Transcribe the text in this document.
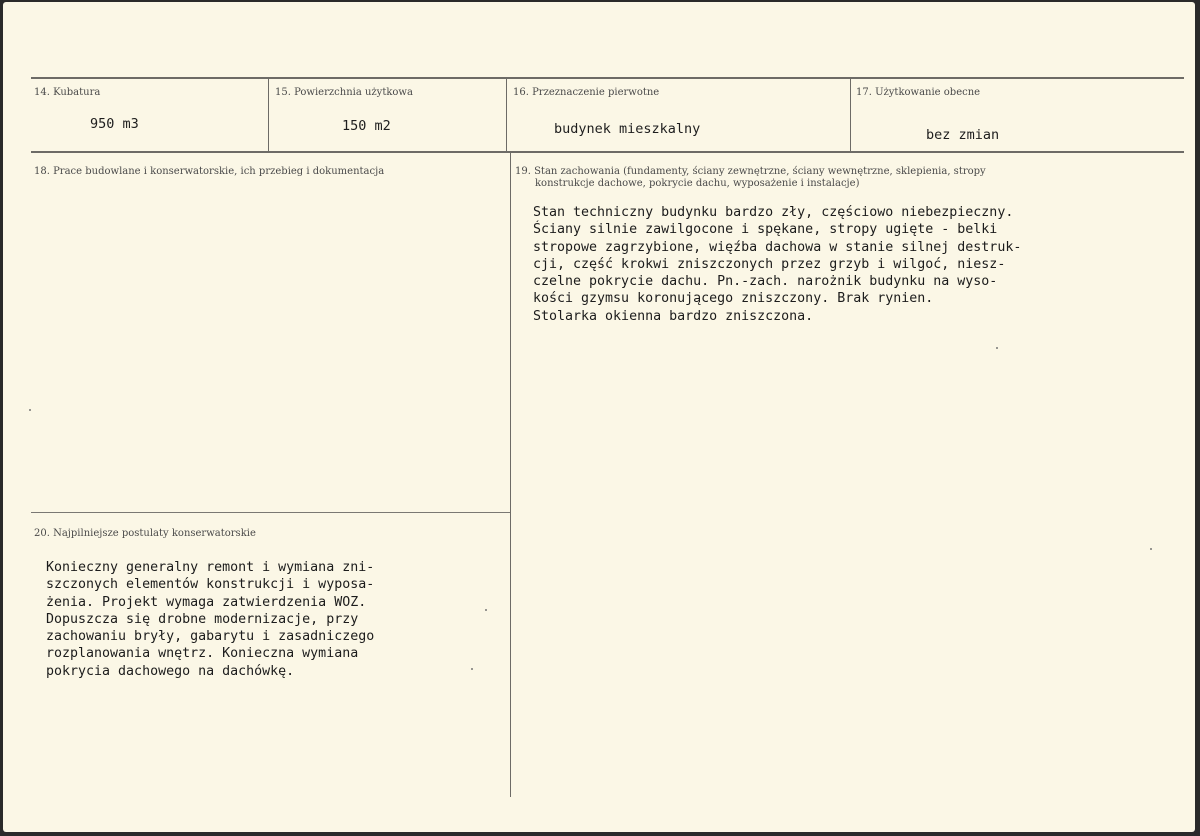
14. Kubatura
950 m3
15. Powierzchnia użytkowa
150 m2
16. Przeznaczenie pierwotne
budynek mieszkalny
17. Użytkowanie obecne
bez zmian
18. Prace budowlane i konserwatorskie, ich przebieg i dokumentacja	19. Stan zachowania (fundamenty, ściany zewnętrzne, ściany wewnętrzne, sklepienia, stropy
konstrukcje dachowe, pokrycie dachu, wyposażenie i instalacje)
Stan techniczny budynku bardzo zły, częściowo niebezpieczny.
Ściany silnie zawilgocone i spękane, stropy ugięte - belki
stropowe zagrzybione, więźba dachowa w stanie silnej destruk-
cji, część krokwi zniszczonych przez grzyb i wilgoć, niesz-
czelne pokrycie dachu. Pn.-zach. narożnik budynku na wyso-
kości gzymsu koronującego zniszczony. Brak rynien.
Stolarka okienna bardzo zniszczona.
20. Najpilniejsze postulaty konserwatorskie
Konieczny generalny remont i wymiana zni-
szczonych elementów konstrukcji i wyposa-
żenia. Projekt wymaga zatwierdzenia WOZ.
Dopuszcza się drobne modernizacje, przy
zachowaniu bryły, gabarytu i zasadniczego
rozplanowania wnętrz. Konieczna wymiana
pokrycia dachowego na dachówkę.
